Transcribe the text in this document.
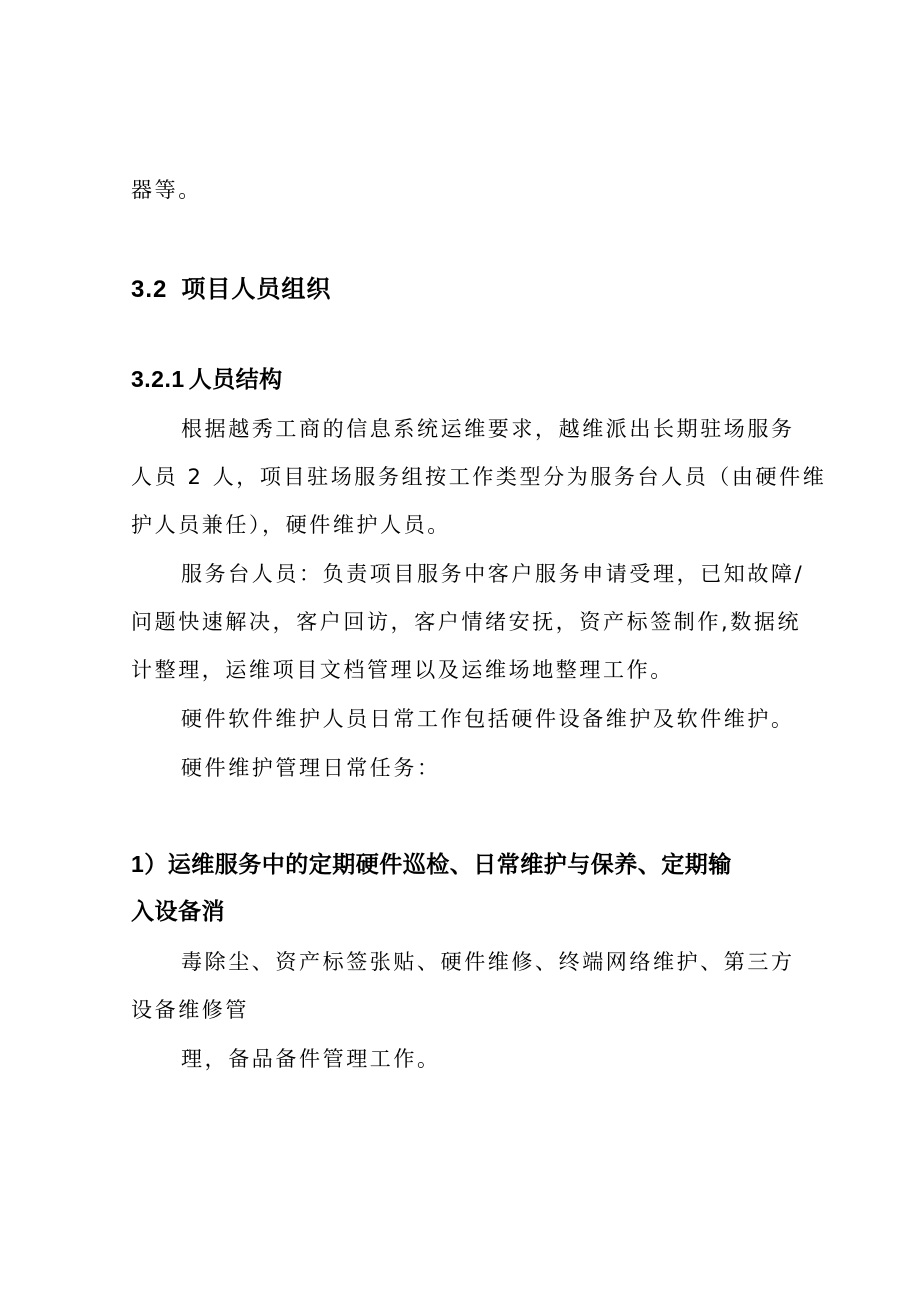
器等。
3.2 项目人员组织
3.2.1 人员结构
根据越秀工商的信息系统运维要求，越维派出长期驻场服务
人员 2 人，项目驻场服务组按工作类型分为服务台人员（由硬件维
护人员兼任），硬件维护人员。
服务台人员：负责项目服务中客户服务申请受理，已知故障/
问题快速解决，客户回访，客户情绪安抚，资产标签制作,数据统
计整理，运维项目文档管理以及运维场地整理工作。
硬件软件维护人员日常工作包括硬件设备维护及软件维护。
硬件维护管理日常任务：
1）运维服务中的定期硬件巡检、日常维护与保养、定期输
入设备消
毒除尘、资产标签张贴、硬件维修、终端网络维护、第三方
设备维修管
理，备品备件管理工作。
